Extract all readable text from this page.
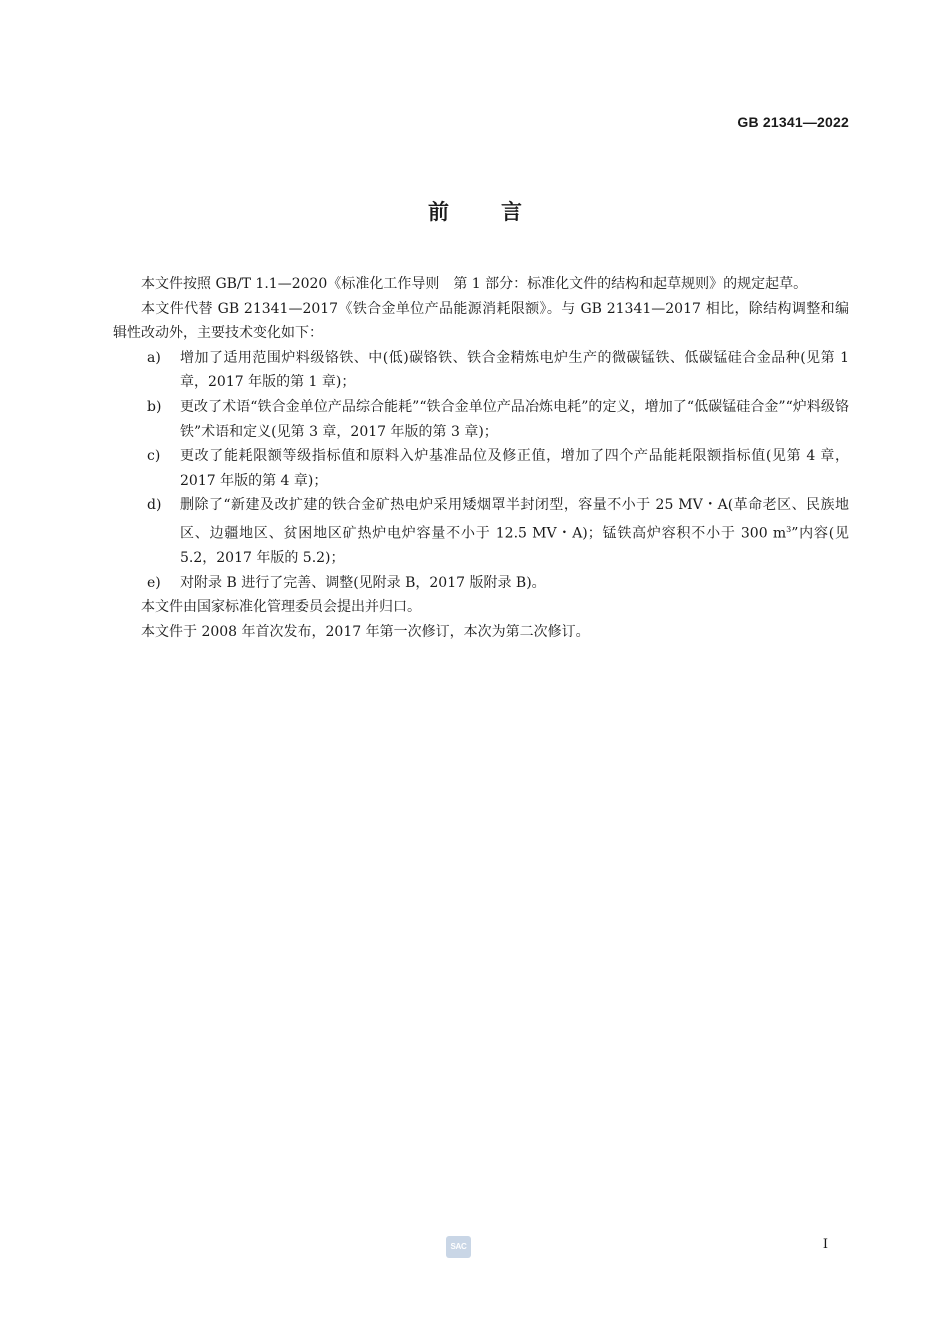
GB 21341—2022
前 言

本文件按照 GB/T 1.1—2020《标准化工作导则　第 1 部分：标准化文件的结构和起草规则》的规定起草。

本文件代替 GB 21341—2017《铁合金单位产品能源消耗限额》。与 GB 21341—2017 相比，除结构调整和编辑性改动外，主要技术变化如下：

a) 增加了适用范围炉料级铬铁、中(低)碳铬铁、铁合金精炼电炉生产的微碳锰铁、低碳锰硅合金品种(见第 1 章，2017 年版的第 1 章)；
b) 更改了术语“铁合金单位产品综合能耗”“铁合金单位产品冶炼电耗”的定义，增加了“低碳锰硅合金”“炉料级铬铁”术语和定义(见第 3 章，2017 年版的第 3 章)；
c) 更改了能耗限额等级指标值和原料入炉基准品位及修正值，增加了四个产品能耗限额指标值(见第 4 章，2017 年版的第 4 章)；
d) 删除了“新建及改扩建的铁合金矿热电炉采用矮烟罩半封闭型，容量不小于 25 MV・A(革命老区、民族地区、边疆地区、贫困地区矿热炉电炉容量不小于 12.5 MV・A)；锰铁高炉容积不小于 300 $m^3$”内容(见 5.2，2017 年版的 5.2)；
e) 对附录 B 进行了完善、调整(见附录 B，2017 版附录 B)。

本文件由国家标准化管理委员会提出并归口。

本文件于 2008 年首次发布，2017 年第一次修订，本次为第二次修订。

SAC	I
